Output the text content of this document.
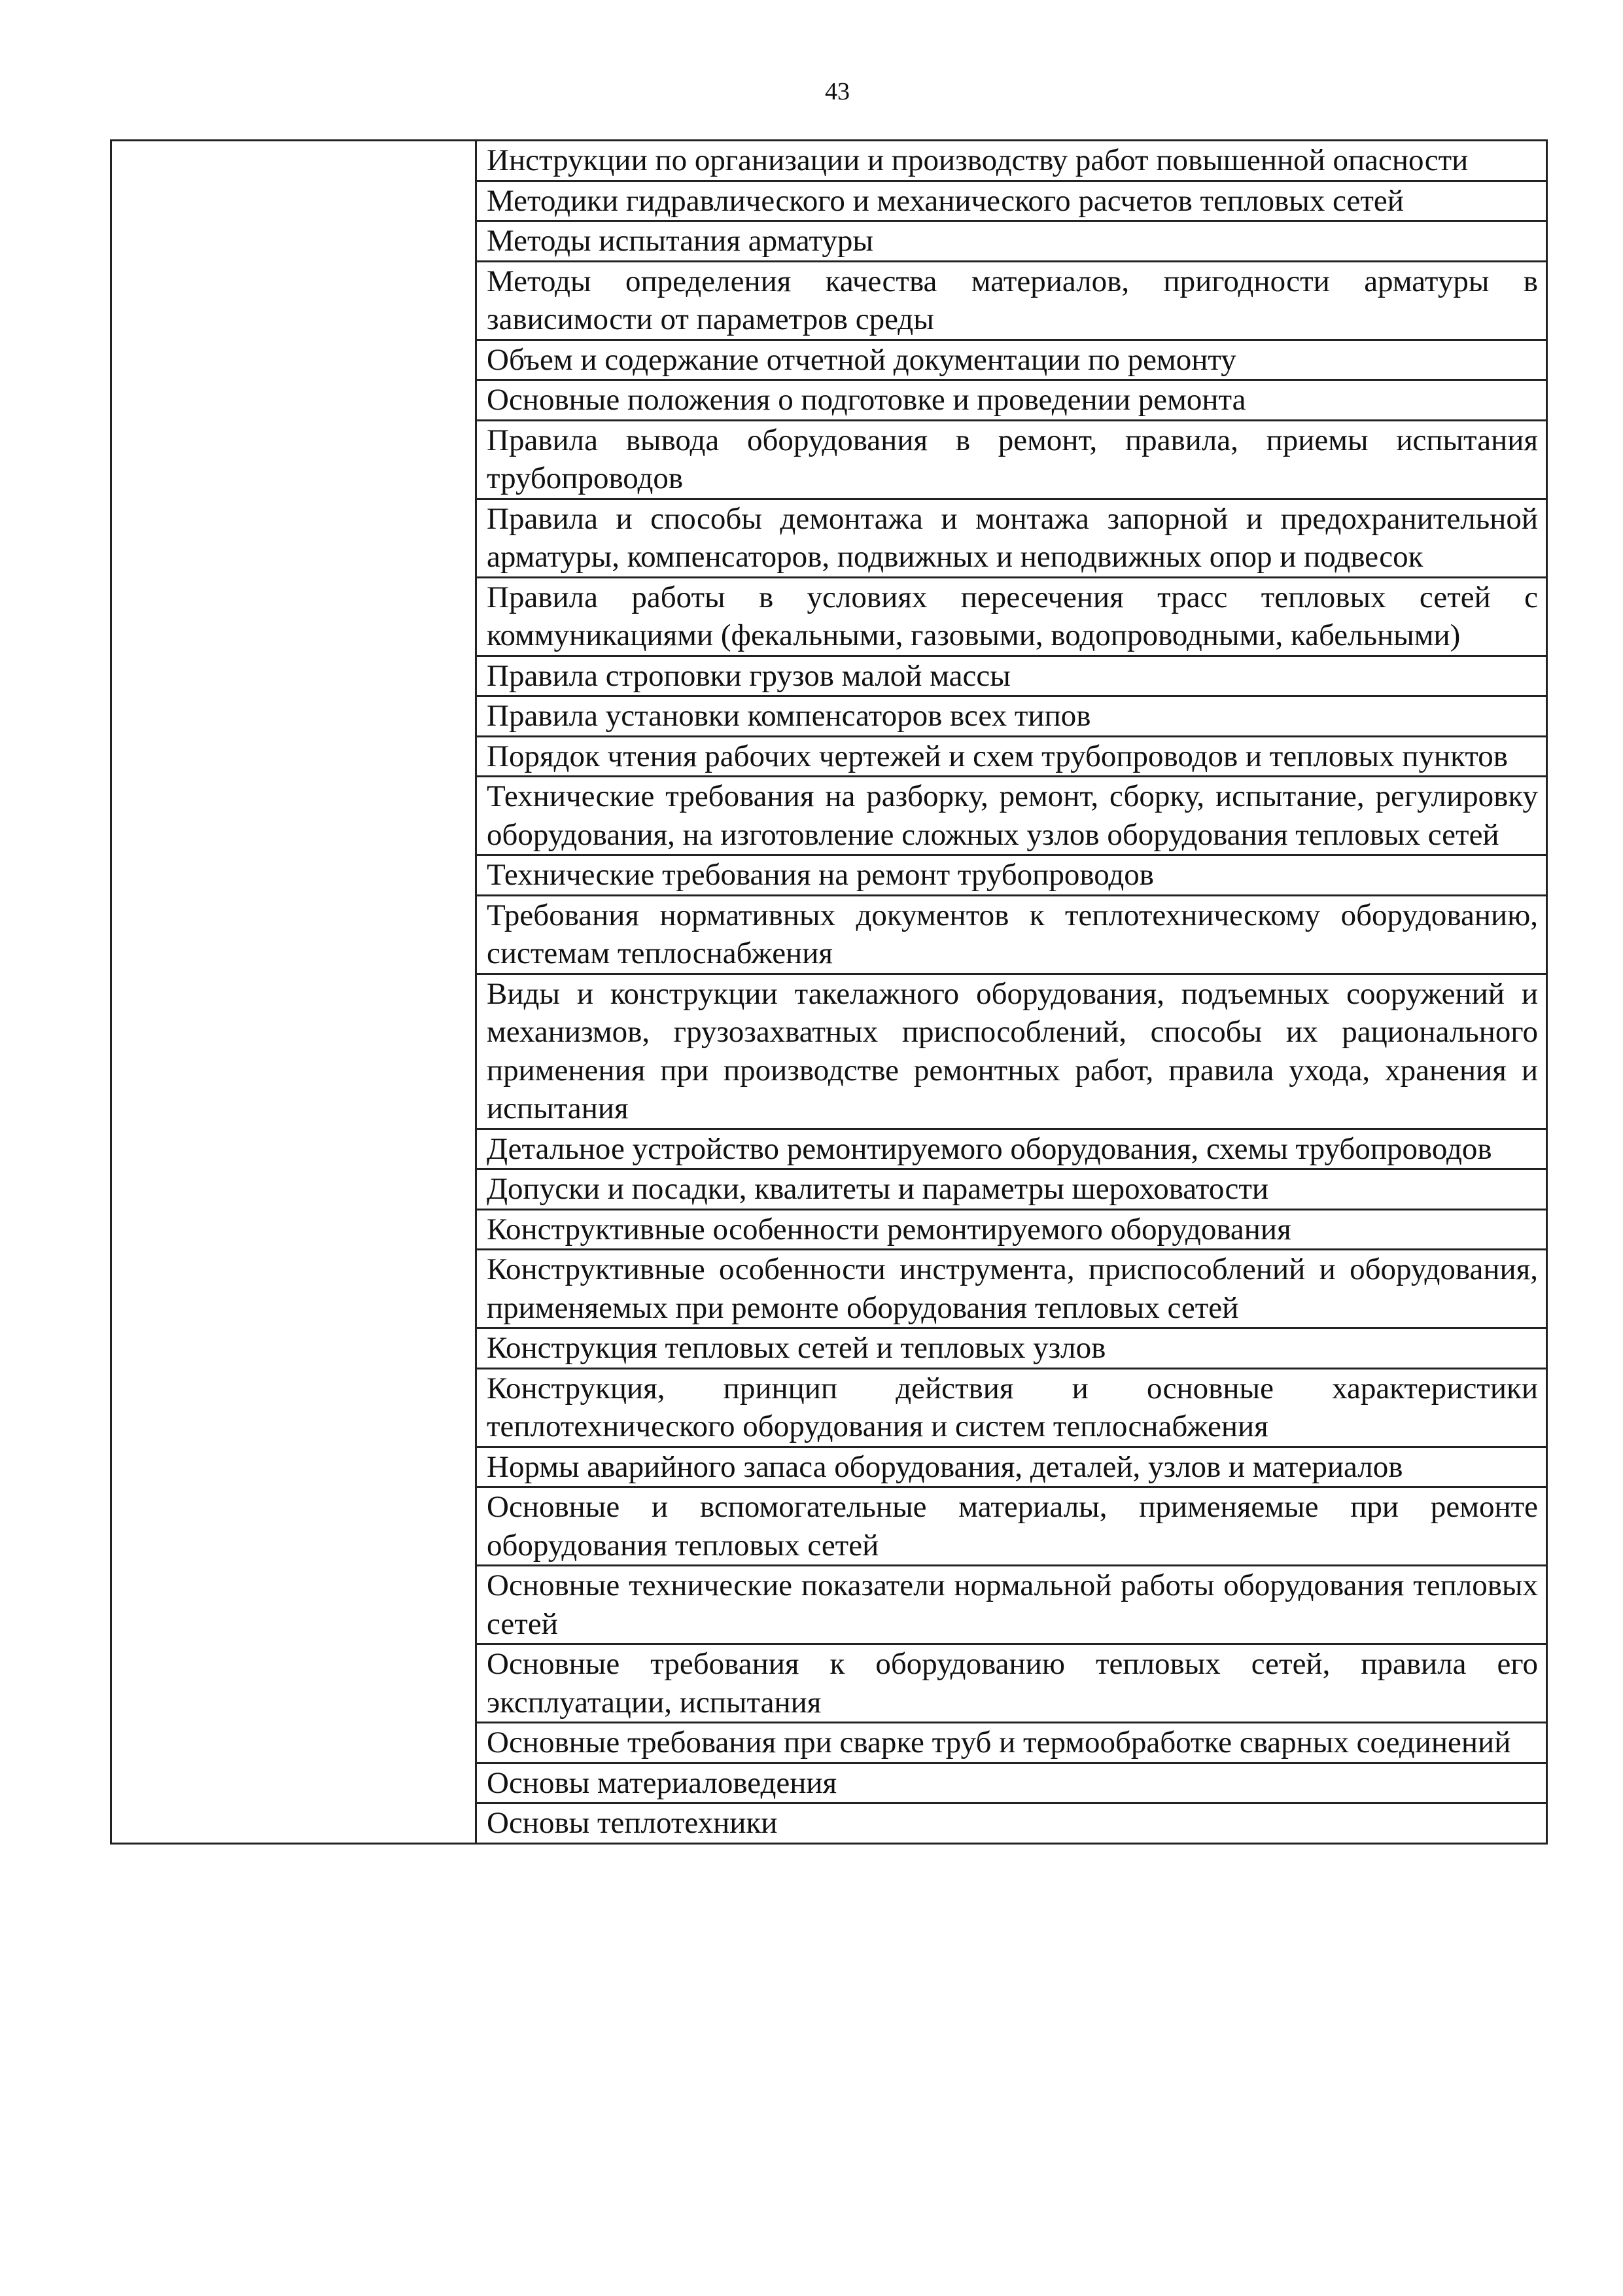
43

Инструкции по организации и производству работ повышенной опасности

Методики гидравлического и механического расчетов тепловых сетей

Методы испытания арматуры

Методы определения качества материалов, пригодности арматуры в зависимости от параметров среды

Объем и содержание отчетной документации по ремонту

Основные положения о подготовке и проведении ремонта

Правила вывода оборудования в ремонт, правила, приемы испытания трубопроводов

Правила и способы демонтажа и монтажа запорной и предохранительной арматуры, компенсаторов, подвижных и неподвижных опор и подвесок

Правила работы в условиях пересечения трасс тепловых сетей с коммуникациями (фекальными, газовыми, водопроводными, кабельными)

Правила строповки грузов малой массы

Правила установки компенсаторов всех типов

Порядок чтения рабочих чертежей и схем трубопроводов и тепловых пунктов

Технические требования на разборку, ремонт, сборку, испытание, регулировку оборудования, на изготовление сложных узлов оборудования тепловых сетей

Технические требования на ремонт трубопроводов

Требования нормативных документов к теплотехническому оборудованию, системам теплоснабжения

Виды и конструкции такелажного оборудования, подъемных сооружений и механизмов, грузозахватных приспособлений, способы их рационального применения при производстве ремонтных работ, правила ухода, хранения и испытания

Детальное устройство ремонтируемого оборудования, схемы трубопроводов

Допуски и посадки, квалитеты и параметры шероховатости

Конструктивные особенности ремонтируемого оборудования

Конструктивные особенности инструмента, приспособлений и оборудования, применяемых при ремонте оборудования тепловых сетей

Конструкция тепловых сетей и тепловых узлов

Конструкция, принцип действия и основные характеристики теплотехнического оборудования и систем теплоснабжения

Нормы аварийного запаса оборудования, деталей, узлов и материалов

Основные и вспомогательные материалы, применяемые при ремонте оборудования тепловых сетей

Основные технические показатели нормальной работы оборудования тепловых сетей

Основные требования к оборудованию тепловых сетей, правила его эксплуатации, испытания

Основные требования при сварке труб и термообработке сварных соединений

Основы материаловедения

Основы теплотехники
